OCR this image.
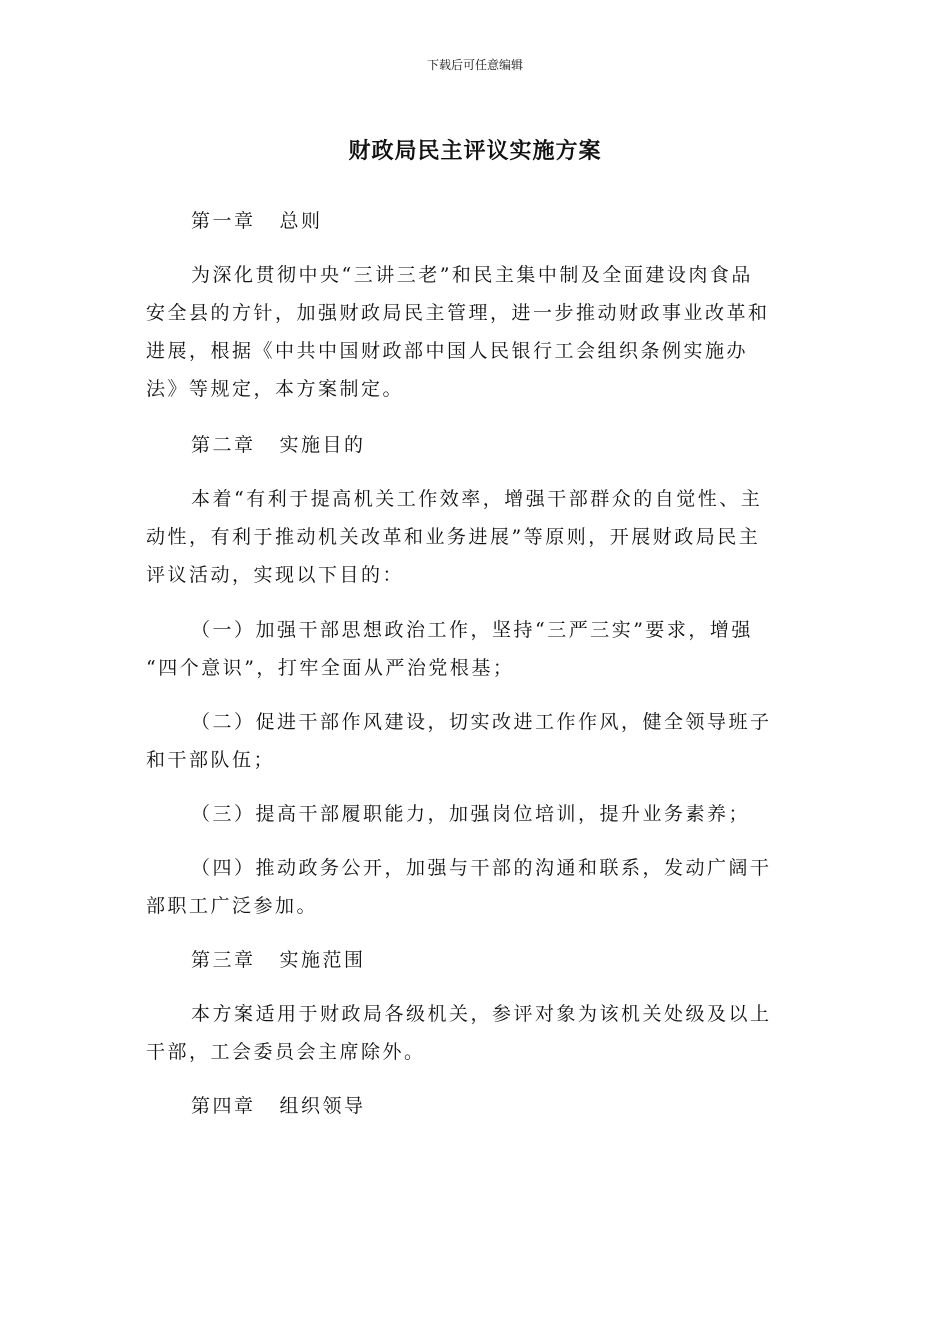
下载后可任意编辑
财政局民主评议实施方案
第一章 总则
为深化贯彻中央“三讲三老”和民主集中制及全面建设肉食品
安全县的方针，加强财政局民主管理，进一步推动财政事业改革和
进展，根据《中共中国财政部中国人民银行工会组织条例实施办
法》等规定，本方案制定。
第二章 实施目的
本着“有利于提高机关工作效率，增强干部群众的自觉性、主
动性，有利于推动机关改革和业务进展”等原则，开展财政局民主
评议活动，实现以下目的：
（一）加强干部思想政治工作，坚持“三严三实”要求，增强
“四个意识”，打牢全面从严治党根基；
（二）促进干部作风建设，切实改进工作作风，健全领导班子
和干部队伍；
（三）提高干部履职能力，加强岗位培训，提升业务素养；
（四）推动政务公开，加强与干部的沟通和联系，发动广阔干
部职工广泛参加。
第三章 实施范围
本方案适用于财政局各级机关，参评对象为该机关处级及以上
干部，工会委员会主席除外。
第四章 组织领导
